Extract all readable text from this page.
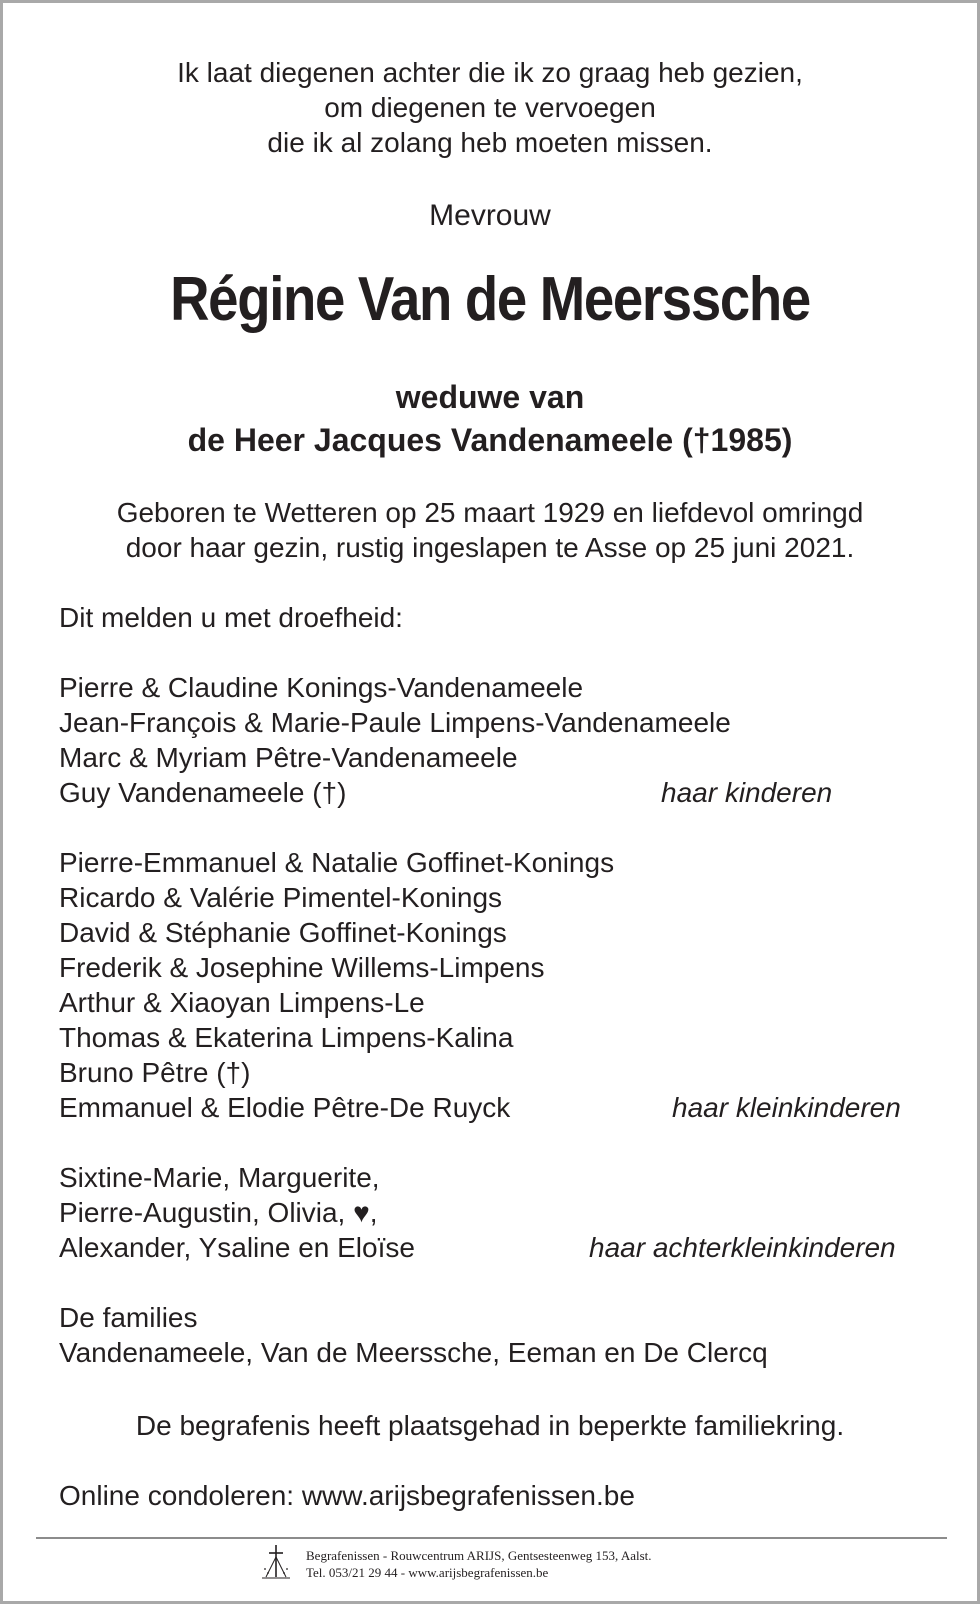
Ik laat diegenen achter die ik zo graag heb gezien,
om diegenen te vervoegen
die ik al zolang heb moeten missen.
Mevrouw
Régine Van de Meerssche
weduwe van
de Heer Jacques Vandenameele (†1985)
Geboren te Wetteren op 25 maart 1929 en liefdevol omringd
door haar gezin, rustig ingeslapen te Asse op 25 juni 2021.
Dit melden u met droefheid:
Pierre & Claudine Konings-Vandenameele
Jean-François & Marie-Paule Limpens-Vandenameele
Marc & Myriam Pêtre-Vandenameele
Guy Vandenameele (†)	haar kinderen
Pierre-Emmanuel & Natalie Goffinet-Konings
Ricardo & Valérie Pimentel-Konings
David & Stéphanie Goffinet-Konings
Frederik & Josephine Willems-Limpens
Arthur & Xiaoyan Limpens-Le
Thomas & Ekaterina Limpens-Kalina
Bruno Pêtre (†)
Emmanuel & Elodie Pêtre-De Ruyck	haar kleinkinderen
Sixtine-Marie, Marguerite,
Pierre-Augustin, Olivia, ♥,
Alexander, Ysaline en Eloïse	haar achterkleinkinderen
De families
Vandenameele, Van de Meerssche, Eeman en De Clercq
De begrafenis heeft plaatsgehad in beperkte familiekring.
Online condoleren: www.arijsbegrafenissen.be
Begrafenissen - Rouwcentrum ARIJS, Gentsesteenweg 153, Aalst.
Tel. 053/21 29 44 - www.arijsbegrafenissen.be
